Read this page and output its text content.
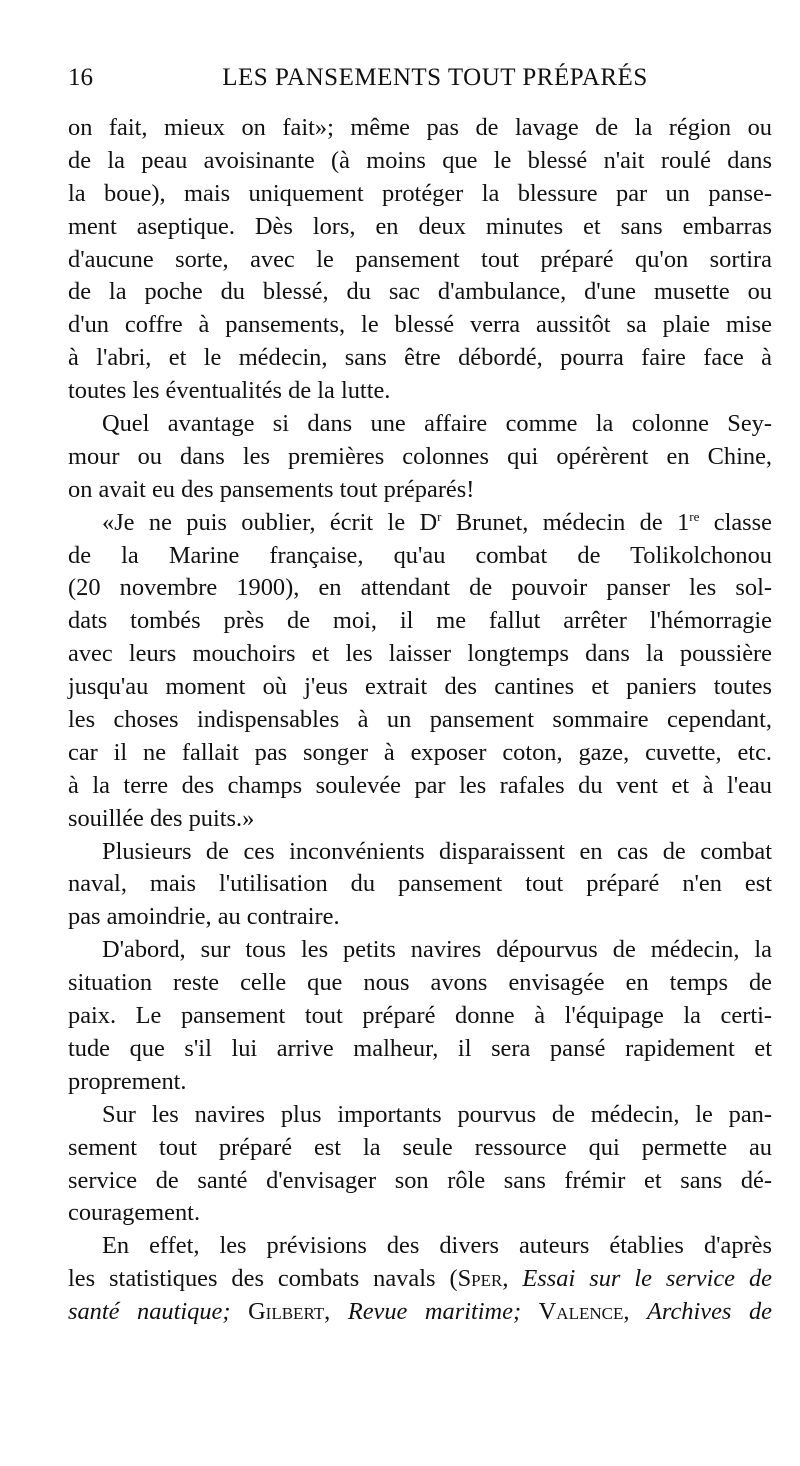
16	LES PANSEMENTS TOUT PRÉPARÉS
on fait, mieux on fait»; même pas de lavage de la région ou
de la peau avoisinante (à moins que le blessé n'ait roulé dans
la boue), mais uniquement protéger la blessure par un panse-
ment aseptique. Dès lors, en deux minutes et sans embarras
d'aucune sorte, avec le pansement tout préparé qu'on sortira
de la poche du blessé, du sac d'ambulance, d'une musette ou
d'un coffre à pansements, le blessé verra aussitôt sa plaie mise
à l'abri, et le médecin, sans être débordé, pourra faire face à
toutes les éventualités de la lutte.
Quel avantage si dans une affaire comme la colonne Sey-
mour ou dans les premières colonnes qui opérèrent en Chine,
on avait eu des pansements tout préparés!
«Je ne puis oublier, écrit le $D^r$ Brunet, médecin de 1re classe
de la Marine française, qu'au combat de Tolikolchonou
(20 novembre 1900), en attendant de pouvoir panser les sol-
dats tombés près de moi, il me fallut arrêter l'hémorragie
avec leurs mouchoirs et les laisser longtemps dans la poussière
jusqu'au moment où j'eus extrait des cantines et paniers toutes
les choses indispensables à un pansement sommaire cependant,
car il ne fallait pas songer à exposer coton, gaze, cuvette, etc.
à la terre des champs soulevée par les rafales du vent et à l'eau
souillée des puits.»
Plusieurs de ces inconvénients disparaissent en cas de combat
naval, mais l'utilisation du pansement tout préparé n'en est
pas amoindrie, au contraire.
D'abord, sur tous les petits navires dépourvus de médecin, la
situation reste celle que nous avons envisagée en temps de
paix. Le pansement tout préparé donne à l'équipage la certi-
tude que s'il lui arrive malheur, il sera pansé rapidement et
proprement.
Sur les navires plus importants pourvus de médecin, le pan-
sement tout préparé est la seule ressource qui permette au
service de santé d'envisager son rôle sans frémir et sans dé-
couragement.
En effet, les prévisions des divers auteurs établies d'après
les statistiques des combats navals (Sper, Essai sur le service de
santé nautique; Gilbert, Revue maritime; Valence, Archives de
